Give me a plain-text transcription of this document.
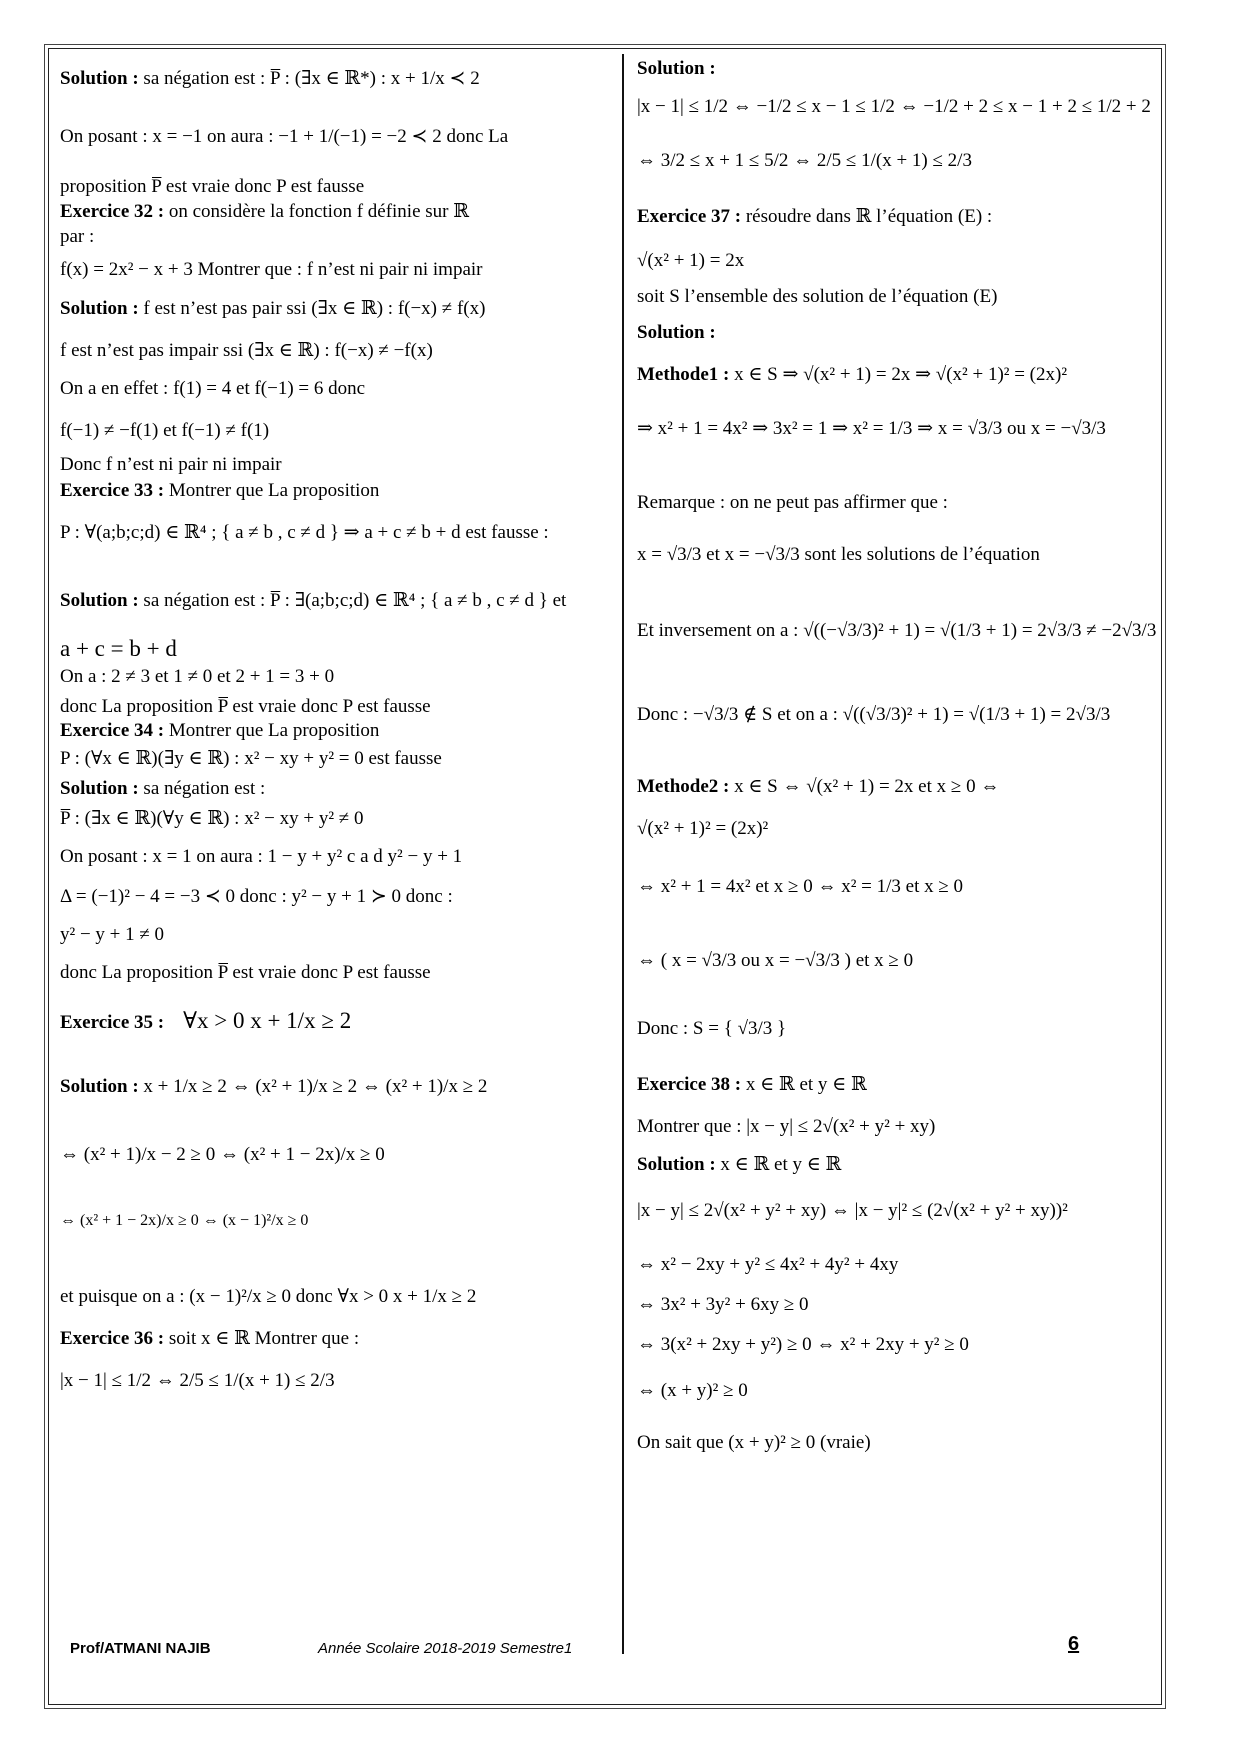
Solution : sa négation est : P̅ : (∃x ∈ ℝ*) : x + 1/x ≺ 2
On posant : x = −1 on aura : −1 + 1/(−1) = −2 ≺ 2 donc La
proposition P̅ est vraie donc P est fausse
Exercice 32 : on considère la fonction f définie sur ℝ
par :
f(x) = 2x² − x + 3 Montrer que : f n’est ni pair ni impair
Solution : f est n’est pas pair ssi (∃x ∈ ℝ) : f(−x) ≠ f(x)
f est n’est pas impair ssi (∃x ∈ ℝ) : f(−x) ≠ −f(x)
On a en effet : f(1) = 4 et f(−1) = 6 donc
f(−1) ≠ −f(1) et f(−1) ≠ f(1)
Donc f n’est ni pair ni impair
Exercice 33 : Montrer que La proposition
P : ∀(a;b;c;d) ∈ ℝ⁴ ; { a ≠ b , c ≠ d } ⇒ a + c ≠ b + d est fausse :
Solution : sa négation est : P̅ : ∃(a;b;c;d) ∈ ℝ⁴ ; { a ≠ b , c ≠ d } et
a + c = b + d
On a : 2 ≠ 3 et 1 ≠ 0 et 2 + 1 = 3 + 0
donc La proposition P̅ est vraie donc P est fausse
Exercice 34 : Montrer que La proposition
P : (∀x ∈ ℝ)(∃y ∈ ℝ) : x² − xy + y² = 0 est fausse
Solution : sa négation est :
P̅ : (∃x ∈ ℝ)(∀y ∈ ℝ) : x² − xy + y² ≠ 0
On posant : x = 1 on aura : 1 − y + y² c a d y² − y + 1
Δ = (−1)² − 4 = −3 ≺ 0 donc : y² − y + 1 ≻ 0 donc :
y² − y + 1 ≠ 0
donc La proposition P̅ est vraie donc P est fausse
Exercice 35 : ∀x > 0 x + 1/x ≥ 2
Solution : x + 1/x ≥ 2 ⇔ (x² + 1)/x ≥ 2 ⇔ (x² + 1)/x ≥ 2
⇔ (x² + 1)/x − 2 ≥ 0 ⇔ (x² + 1 − 2x)/x ≥ 0
⇔ (x² + 1 − 2x)/x ≥ 0 ⇔ (x − 1)²/x ≥ 0
et puisque on a : (x − 1)²/x ≥ 0 donc ∀x > 0 x + 1/x ≥ 2
Exercice 36 : soit x ∈ ℝ Montrer que :
|x − 1| ≤ 1/2 ⇔ 2/5 ≤ 1/(x + 1) ≤ 2/3
Solution :
|x − 1| ≤ 1/2 ⇔ −1/2 ≤ x − 1 ≤ 1/2 ⇔ −1/2 + 2 ≤ x − 1 + 2 ≤ 1/2 + 2
⇔ 3/2 ≤ x + 1 ≤ 5/2 ⇔ 2/5 ≤ 1/(x + 1) ≤ 2/3
Exercice 37 : résoudre dans ℝ l’équation (E) :
√(x² + 1) = 2x
soit S l’ensemble des solution de l’équation (E)
Solution :
Methode1 : x ∈ S ⇒ √(x² + 1) = 2x ⇒ √(x² + 1)² = (2x)²
⇒ x² + 1 = 4x² ⇒ 3x² = 1 ⇒ x² = 1/3 ⇒ x = √3/3 ou x = −√3/3
Remarque : on ne peut pas affirmer que :
x = √3/3 et x = −√3/3 sont les solutions de l’équation
Et inversement on a : √((−√3/3)² + 1) = √(1/3 + 1) = 2√3/3 ≠ −2√3/3
Donc : −√3/3 ∉ S et on a : √((√3/3)² + 1) = √(1/3 + 1) = 2√3/3
Methode2 : x ∈ S ⇔ √(x² + 1) = 2x et x ≥ 0 ⇔
√(x² + 1)² = (2x)²
⇔ x² + 1 = 4x² et x ≥ 0 ⇔ x² = 1/3 et x ≥ 0
⇔ ( x = √3/3 ou x = −√3/3 ) et x ≥ 0
Donc : S = { √3/3 }
Exercice 38 : x ∈ ℝ et y ∈ ℝ
Montrer que : |x − y| ≤ 2√(x² + y² + xy)
Solution : x ∈ ℝ et y ∈ ℝ
|x − y| ≤ 2√(x² + y² + xy) ⇔ |x − y|² ≤ (2√(x² + y² + xy))²
⇔ x² − 2xy + y² ≤ 4x² + 4y² + 4xy
⇔ 3x² + 3y² + 6xy ≥ 0
⇔ 3(x² + 2xy + y²) ≥ 0 ⇔ x² + 2xy + y² ≥ 0
⇔ (x + y)² ≥ 0
On sait que (x + y)² ≥ 0 (vraie)
Prof/ATMANI NAJIB	Année Scolaire 2018-2019 Semestre1	6
